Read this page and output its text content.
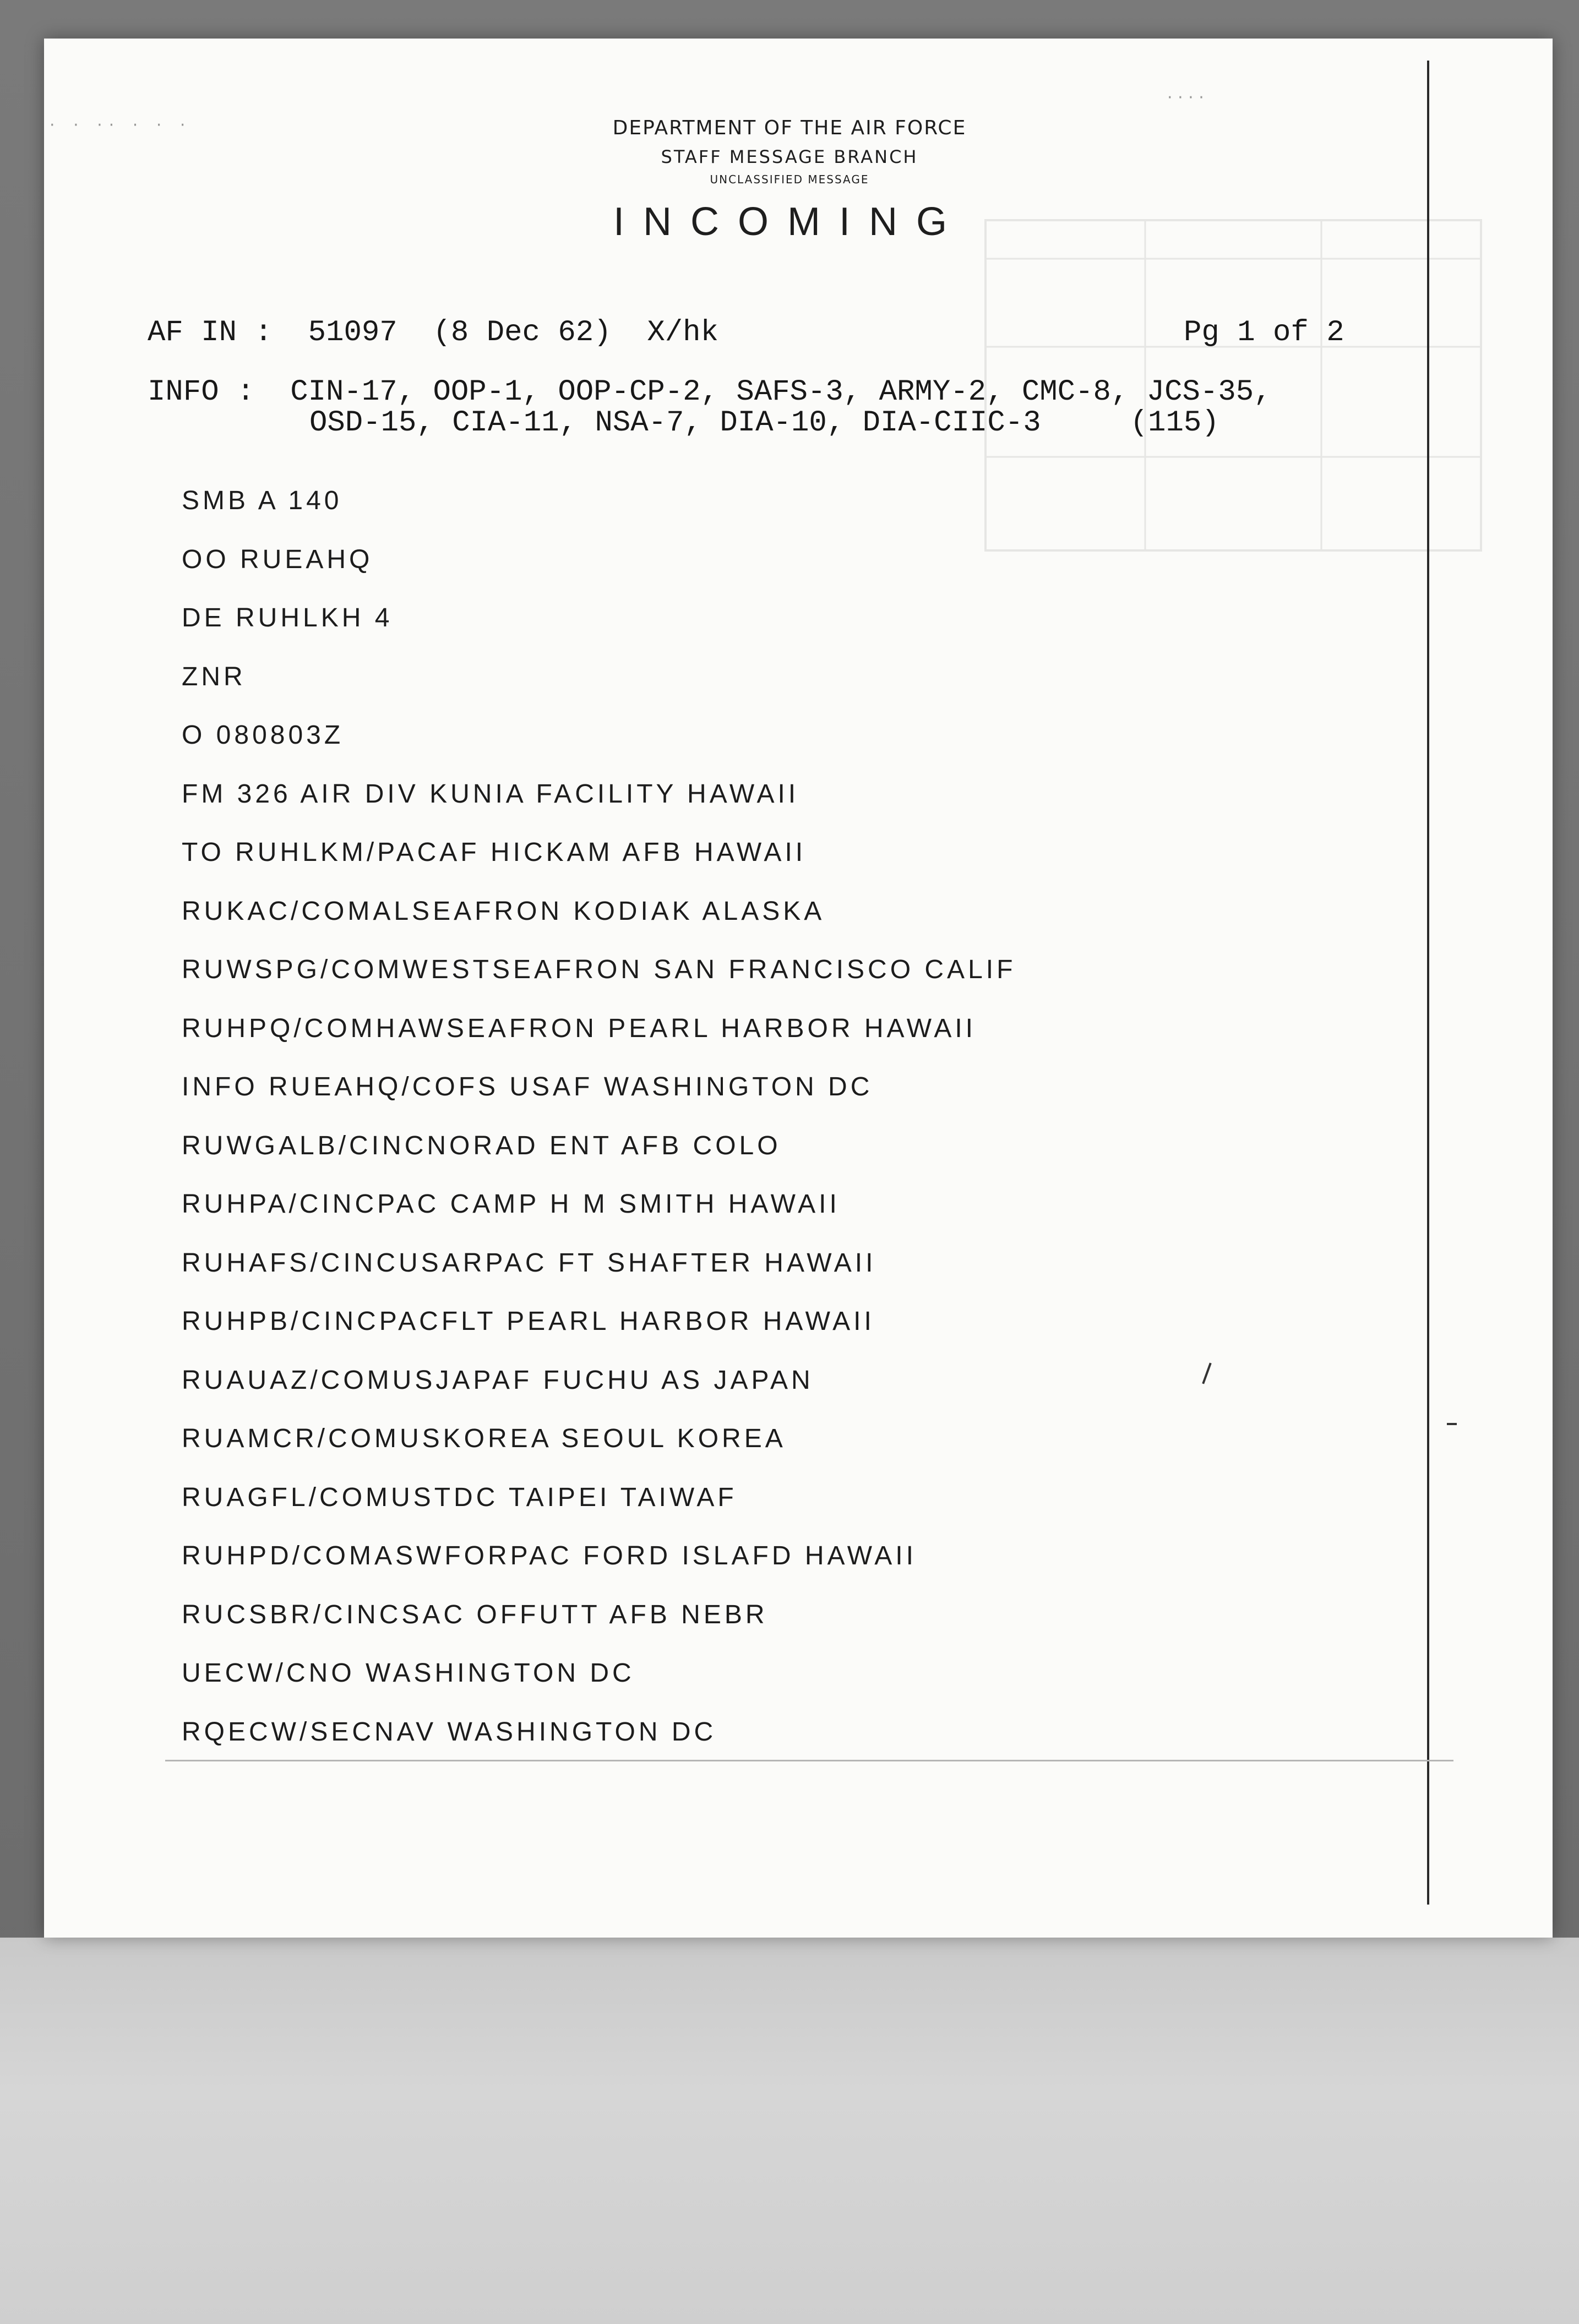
· · ·· · · ·
· · · ·
DEPARTMENT OF THE AIR FORCE
STAFF MESSAGE BRANCH
UNCLASSIFIED MESSAGE
INCOMING
AF IN : 51097 (8 Dec 62) X/hk	Pg 1 of 2
INFO : CIN-17, OOP-1, OOP-CP-2, SAFS-3, ARMY-2, CMC-8, JCS-35,
OSD-15, CIA-11, NSA-7, DIA-10, DIA-CIIC-3     (115)
SMB A 140
OO RUEAHQ
DE RUHLKH 4
ZNR
O 080803Z
FM 326 AIR DIV KUNIA FACILITY HAWAII
TO RUHLKM/PACAF HICKAM AFB HAWAII
RUKAC/COMALSEAFRON KODIAK ALASKA
RUWSPG/COMWESTSEAFRON SAN FRANCISCO CALIF
RUHPQ/COMHAWSEAFRON PEARL HARBOR HAWAII
INFO RUEAHQ/COFS USAF WASHINGTON DC
RUWGALB/CINCNORAD ENT AFB COLO
RUHPA/CINCPAC CAMP H M SMITH HAWAII
RUHAFS/CINCUSARPAC FT SHAFTER HAWAII
RUHPB/CINCPACFLT PEARL HARBOR HAWAII
RUAUAZ/COMUSJAPAF FUCHU AS JAPAN
RUAMCR/COMUSKOREA SEOUL KOREA
RUAGFL/COMUSTDC TAIPEI TAIWAF
RUHPD/COMASWFORPAC FORD ISLAFD HAWAII
RUCSBR/CINCSAC OFFUTT AFB NEBR
UECW/CNO WASHINGTON DC
RQECW/SECNAV WASHINGTON DC
